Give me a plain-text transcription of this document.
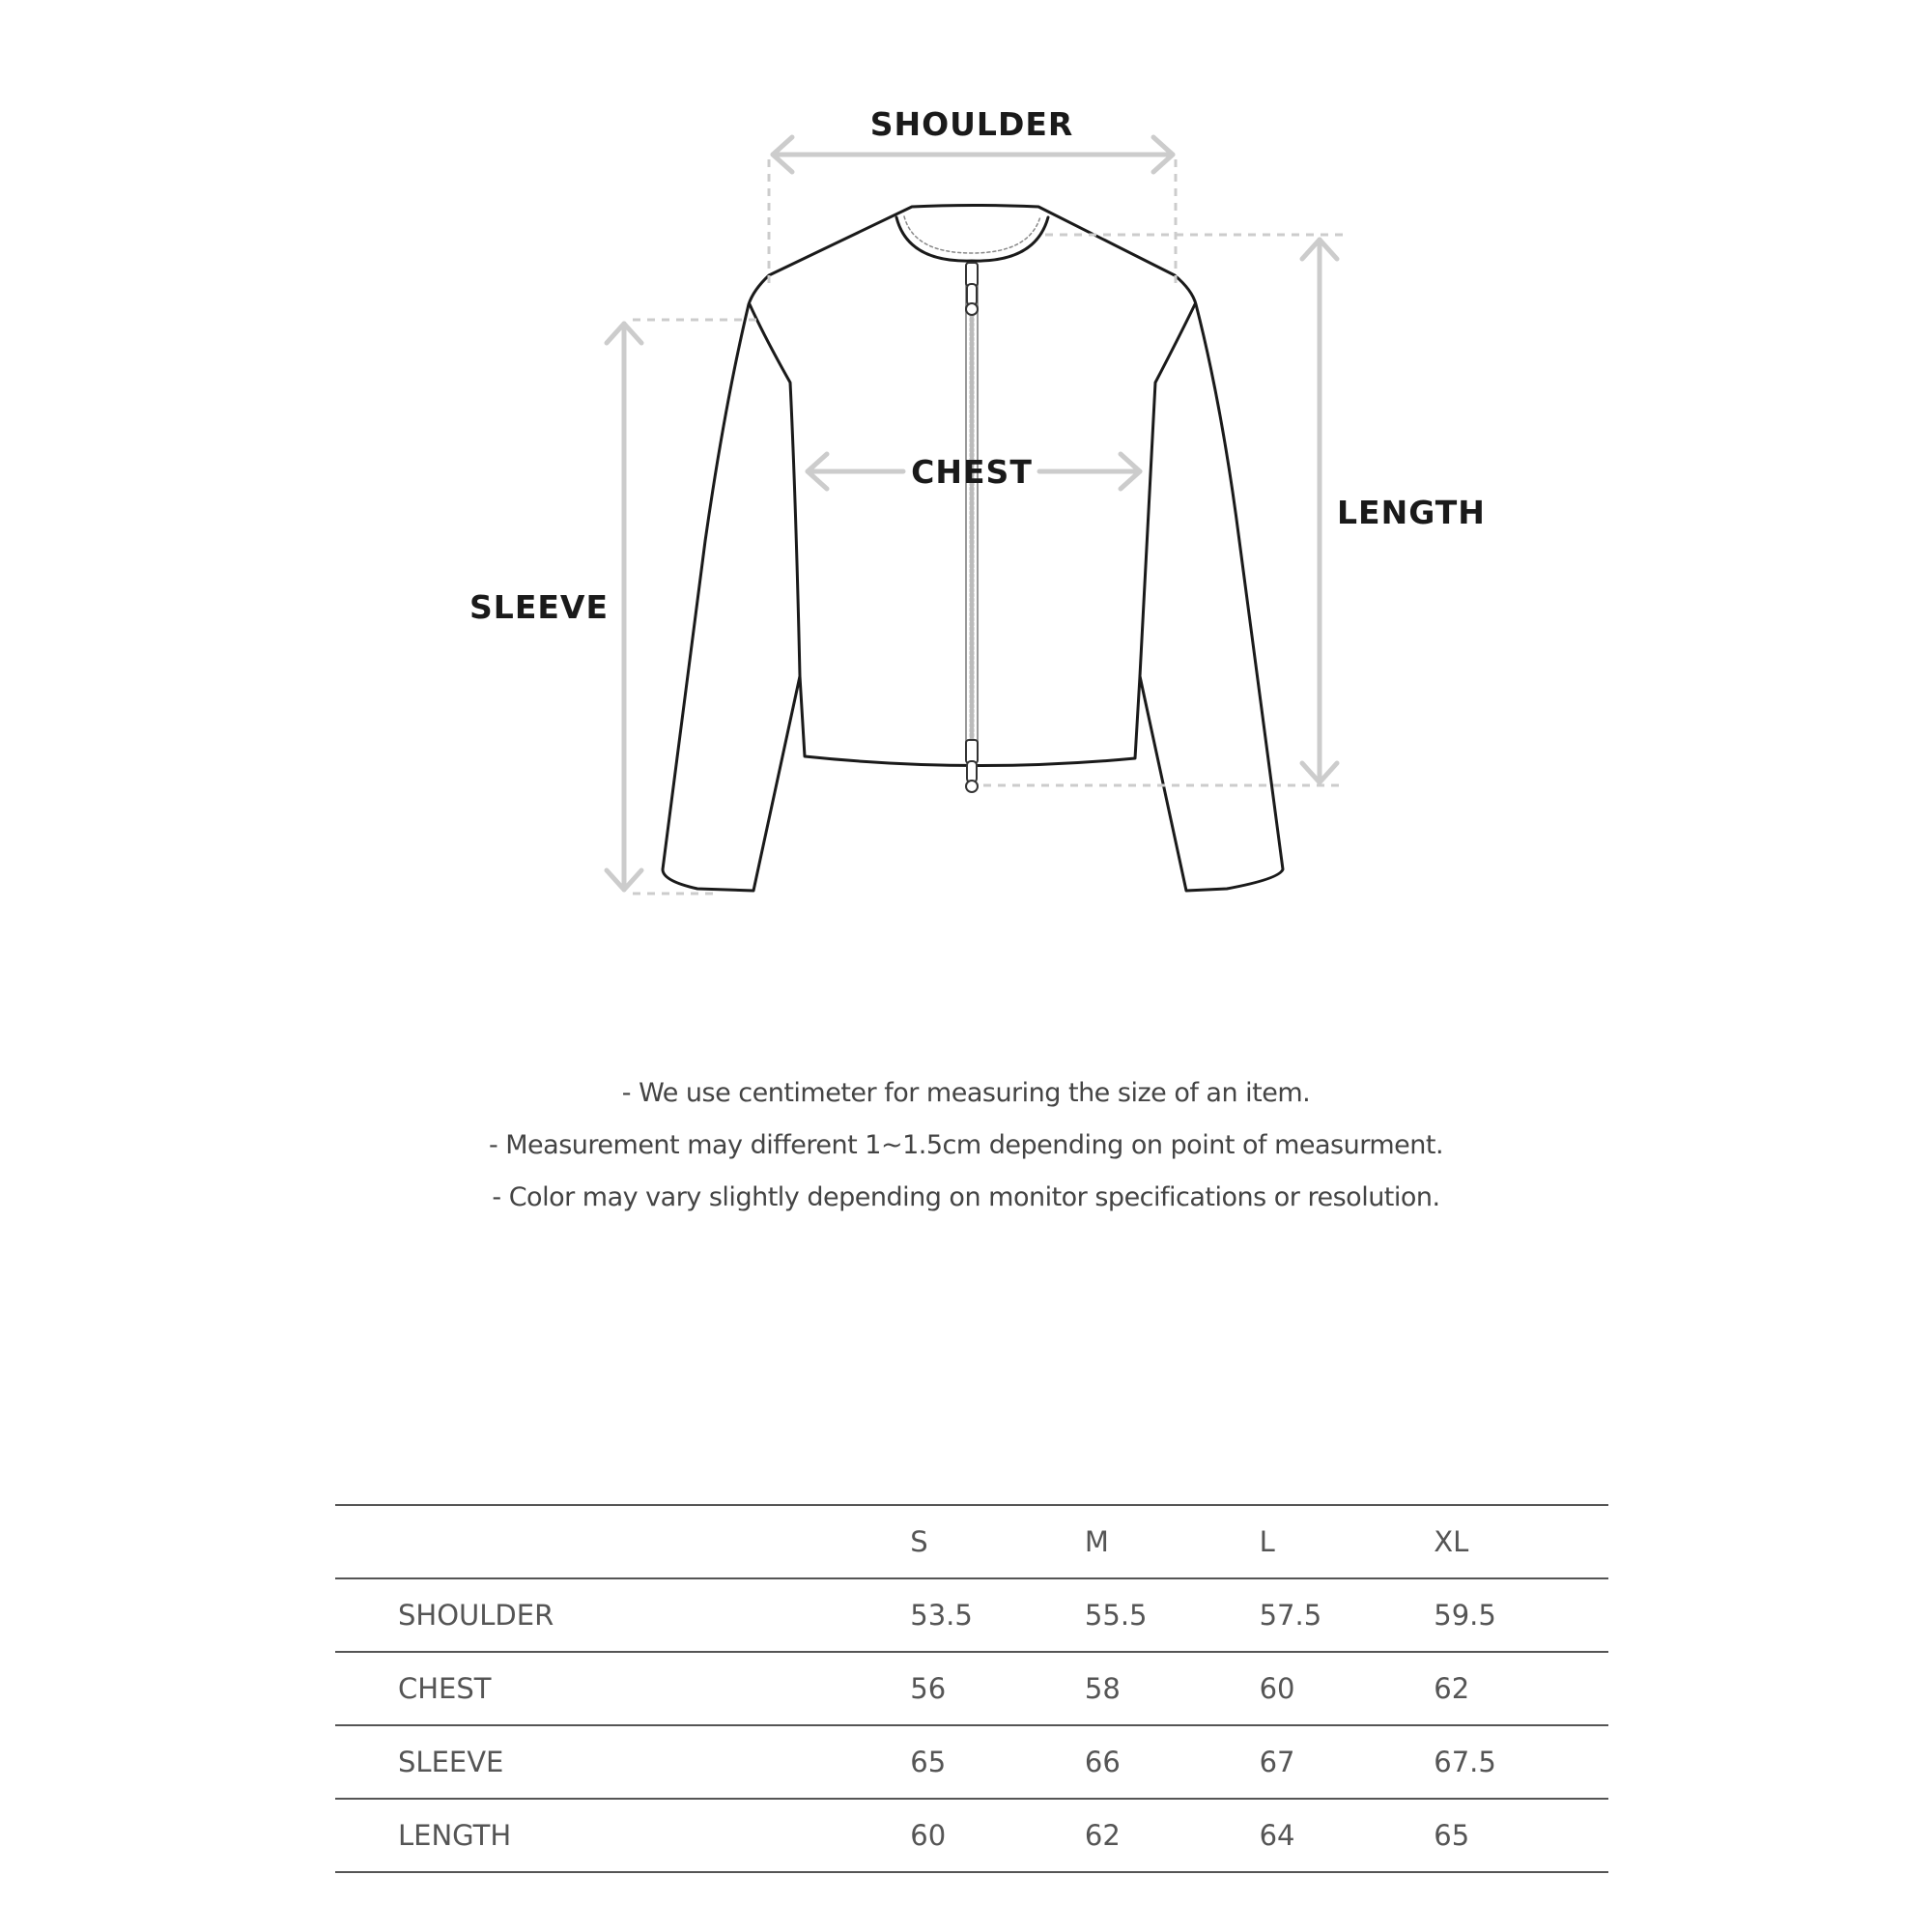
SHOULDER
CHEST
LENGTH
SLEEVE
- We use centimeter for measuring the size of an item.
- Measurement may different 1~1.5cm depending on point of measurment.
- Color may vary slightly depending on monitor specifications or resolution.
	S	M	L	XL
SHOULDER	53.5	55.5	57.5	59.5
CHEST	56	58	60	62
SLEEVE	65	66	67	67.5
LENGTH	60	62	64	65
